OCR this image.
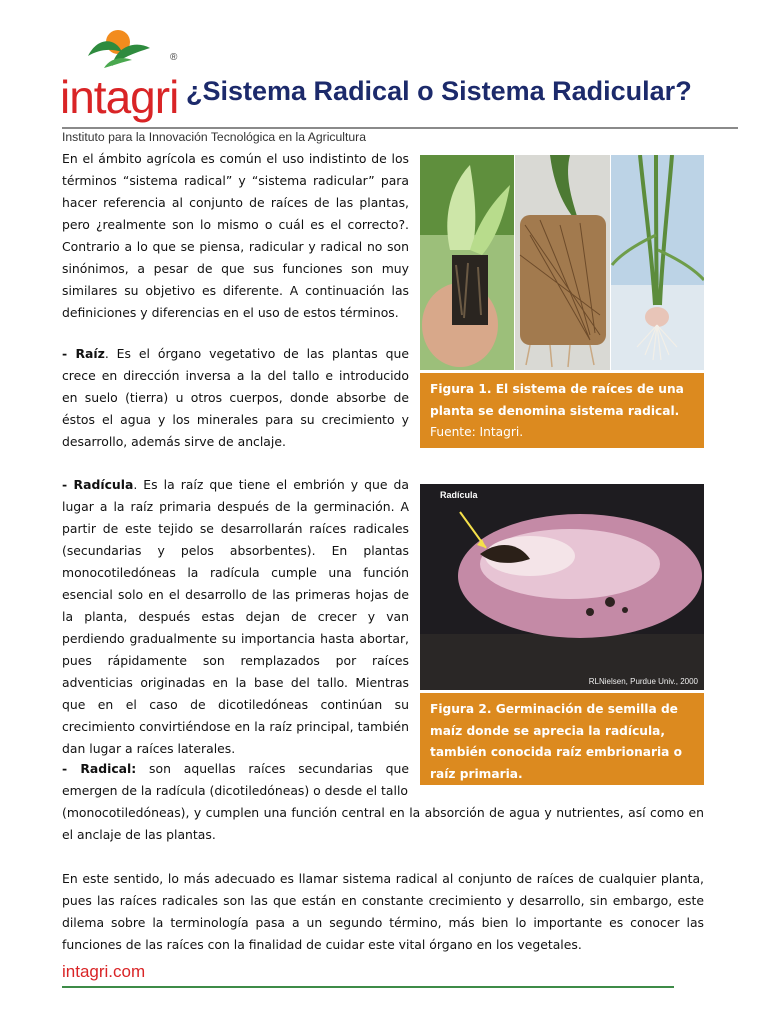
intagri
®
¿Sistema Radical o Sistema Radicular?
Instituto para la Innovación Tecnológica en la Agricultura

En el ámbito agrícola es común el uso indistinto de los términos “sistema radical” y “sistema radicular” para hacer referencia al conjunto de raíces de las plantas, pero ¿realmente son lo mismo o cuál es el correcto?. Contrario a lo que se piensa, radicular y radical no son sinónimos, a pesar de que sus funciones son muy similares su objetivo es diferente. A continuación las definiciones y diferencias en el uso de estos términos.

- Raíz. Es el órgano vegetativo de las plantas que crece en dirección inversa a la del tallo e introducido en suelo (tierra) u otros cuerpos, donde absorbe de éstos el agua y los minerales para su crecimiento y desarrollo, además sirve de anclaje.

- Radícula. Es la raíz que tiene el embrión y que da lugar a la raíz primaria después de la germinación. A partir de este tejido se desarrollarán raíces radicales (secundarias y pelos absorbentes). En plantas monocotiledóneas la radícula cumple una función esencial solo en el desarrollo de las primeras hojas de la planta, después estas dejan de crecer y van perdiendo gradualmente su importancia hasta abortar, pues rápidamente son remplazados por raíces adventicias originadas en la base del tallo. Mientras que en el caso de dicotiledóneas continúan su crecimiento convirtiéndose en la raíz principal, también dan lugar a raíces laterales.

- Radical: son aquellas raíces secundarias que emergen de la radícula (dicotiledóneas) o desde el tallo

(monocotiledóneas), y cumplen una función central en la absorción de agua y nutrientes, así como en el anclaje de las plantas.

En este sentido, lo más adecuado es llamar sistema radical al conjunto de raíces de cualquier planta, pues las raíces radicales son las que están en constante crecimiento y desarrollo, sin embargo, este dilema sobre la terminología pasa a un segundo término, más bien lo importante es conocer las funciones de las raíces con la finalidad de cuidar este vital órgano en los vegetales.

Figura 1. El sistema de raíces de una planta se denomina sistema radical.
Fuente: Intagri.
Radícula
RLNielsen, Purdue Univ., 2000
Figura 2. Germinación de semilla de maíz donde se aprecia la radícula, también conocida raíz embrionaria o raíz primaria.
Fuente: Nielsen, 2000.
intagri.com
